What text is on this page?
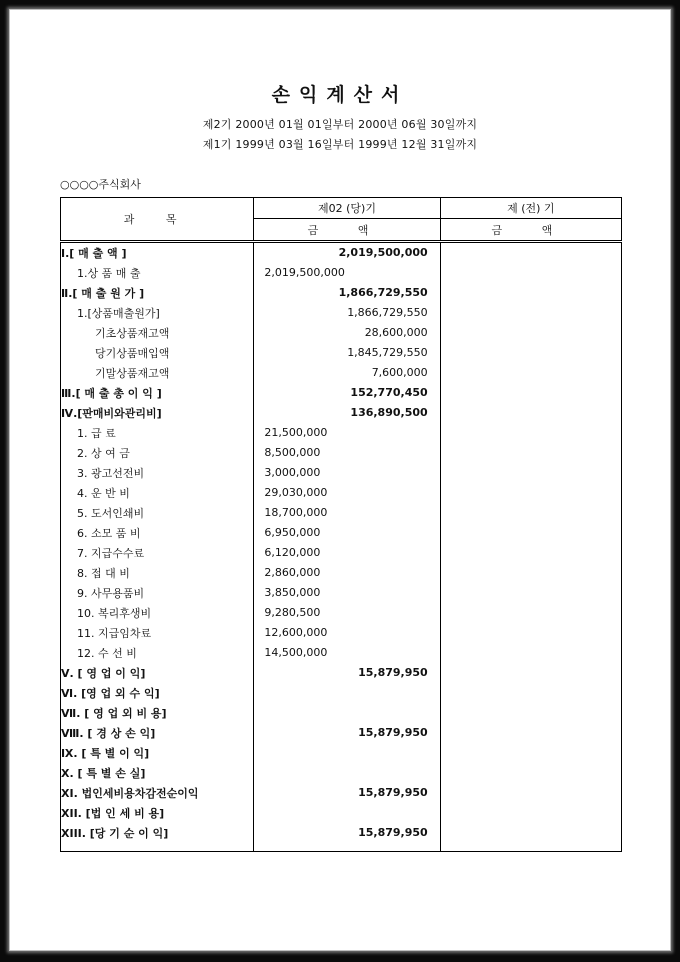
손익계산서
제2기 2000년 01월 01일부터 2000년 06월 30일까지
제1기 1999년 03월 16일부터 1999년 12월 31일까지
○○○○주식회사
과 목	제02 (당)기	제 (전) 기
	금 액	금 액

Ⅰ.[ 매 출 액 ]	2,019,500,000	

1.상 품 매 출	2,019,500,000	

Ⅱ.[ 매 출 원 가 ]	1,866,729,550	

1.[상품매출원가]	1,866,729,550	

기초상품재고액	28,600,000	

당기상품매입액	1,845,729,550	

기말상품재고액	7,600,000	

Ⅲ.[ 매 출 총 이 익 ]	152,770,450	

Ⅳ.[판매비와관리비]	136,890,500	

1. 급 료	21,500,000	

2. 상 여 금	8,500,000	

3. 광고선전비	3,000,000	

4. 운 반 비	29,030,000	

5. 도서인쇄비	18,700,000	

6. 소모 품 비	6,950,000	

7. 지급수수료	6,120,000	

8. 접 대 비	2,860,000	

9. 사무용품비	3,850,000	

10. 복리후생비	9,280,500	

11. 지급임차료	12,600,000	

12. 수 선 비	14,500,000	

Ⅴ. [ 영 업 이 익]	15,879,950	

Ⅵ. [영 업 외 수 익]		
Ⅶ. [ 영 업 외 비 용]		
Ⅷ. [ 경 상 손 익]	15,879,950	

Ⅸ. [ 특 별 이 익]		
Ⅹ. [ 특 별 손 실]		
XI. 법인세비용차감전순이익	15,879,950	

XII. [법 인 세 비 용]		
XIII. [당 기 순 이 익]	15,879,950	
